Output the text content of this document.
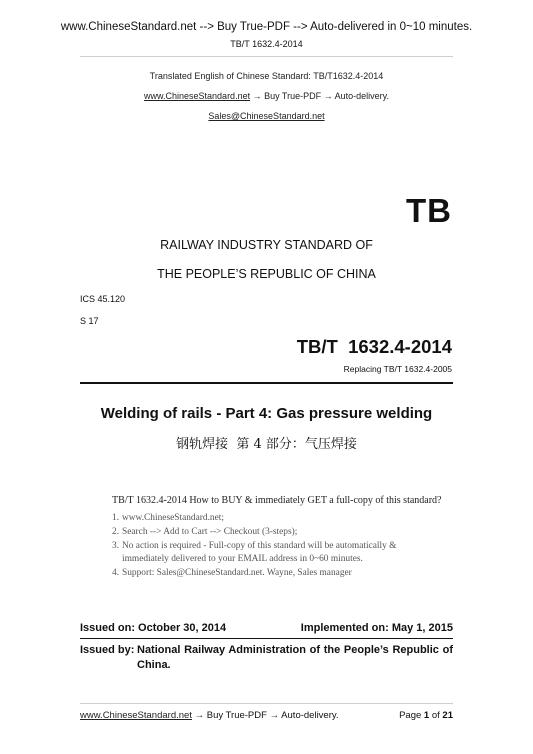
www.ChineseStandard.net --> Buy True-PDF --> Auto-delivered in 0~10 minutes.
TB/T 1632.4-2014
Translated English of Chinese Standard: TB/T1632.4-2014
www.ChineseStandard.net → Buy True-PDF → Auto-delivery.
Sales@ChineseStandard.net
TB
RAILWAY INDUSTRY STANDARD OF
THE PEOPLE’S REPUBLIC OF CHINA
ICS 45.120
S 17
TB/T  1632.4-2014
Replacing TB/T 1632.4-2005
Welding of rails - Part 4: Gas pressure welding
钢轨焊接  第 4 部分：气压焊接
TB/T 1632.4-2014 How to BUY & immediately GET a full-copy of this standard?
1. www.ChineseStandard.net;
2. Search --> Add to Cart --> Checkout (3-steps);
3. No action is required - Full-copy of this standard will be automatically &
immediately delivered to your EMAIL address in 0~60 minutes.
4. Support: Sales@ChineseStandard.net. Wayne, Sales manager
Issued on: October 30, 2014	Implemented on: May 1, 2015
Issued by: National Railway Administration of the People’s Republic of China.
www.ChineseStandard.net → Buy True-PDF → Auto-delivery.	Page 1 of 21
